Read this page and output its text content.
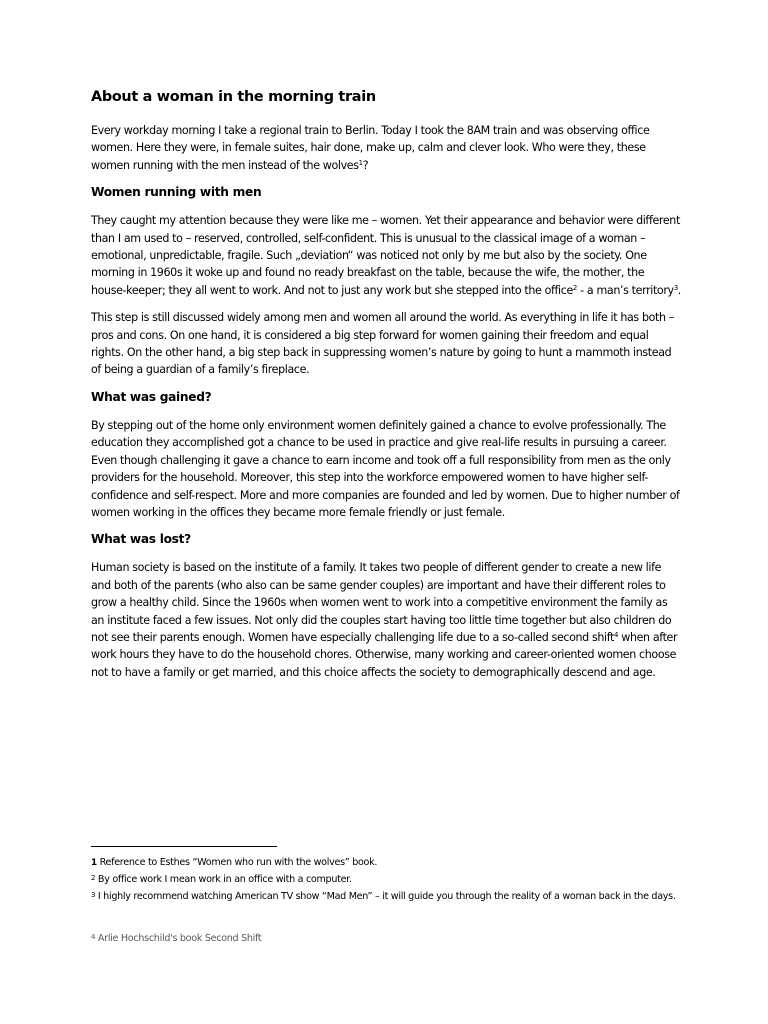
About a woman in the morning train

Every workday morning I take a regional train to Berlin. Today I took the 8AM train and was observing office women. Here they were, in female suites, hair done, make up, calm and clever look. Who were they, these women running with the men instead of the wolves$^1$?

Women running with men

They caught my attention because they were like me – women. Yet their appearance and behavior were different than I am used to – reserved, controlled, self-confident. This is unusual to the classical image of a woman – emotional, unpredictable, fragile. Such „deviation“ was noticed not only by me but also by the society. One morning in 1960s it woke up and found no ready breakfast on the table, because the wife, the mother, the house-keeper; they all went to work. And not to just any work but she stepped into the office$^2$ - a man’s territory$^3$.

This step is still discussed widely among men and women all around the world. As everything in life it has both – pros and cons. On one hand, it is considered a big step forward for women gaining their freedom and equal rights. On the other hand, a big step back in suppressing women’s nature by going to hunt a mammoth instead of being a guardian of a family’s fireplace.

What was gained?

By stepping out of the home only environment women definitely gained a chance to evolve professionally. The education they accomplished got a chance to be used in practice and give real-life results in pursuing a career. Even though challenging it gave a chance to earn income and took off a full responsibility from men as the only providers for the household. Moreover, this step into the workforce empowered women to have higher self-confidence and self-respect. More and more companies are founded and led by women. Due to higher number of women working in the offices they became more female friendly or just female.

What was lost?

Human society is based on the institute of a family. It takes two people of different gender to create a new life and both of the parents (who also can be same gender couples) are important and have their different roles to grow a healthy child. Since the 1960s when women went to work into a competitive environment the family as an institute faced a few issues. Not only did the couples start having too little time together but also children do not see their parents enough. Women have especially challenging life due to a so-called second shift$^4$ when after work hours they have to do the household chores. Otherwise, many working and career-oriented women choose not to have a family or get married, and this choice affects the society to demographically descend and age.

1 Reference to Esthes “Women who run with the wolves” book.

$^2$ By office work I mean work in an office with a computer.

$^3$ I highly recommend watching American TV show “Mad Men” – it will guide you through the reality of a woman back in the days.

$^4$ Arlie Hochschild's book Second Shift
